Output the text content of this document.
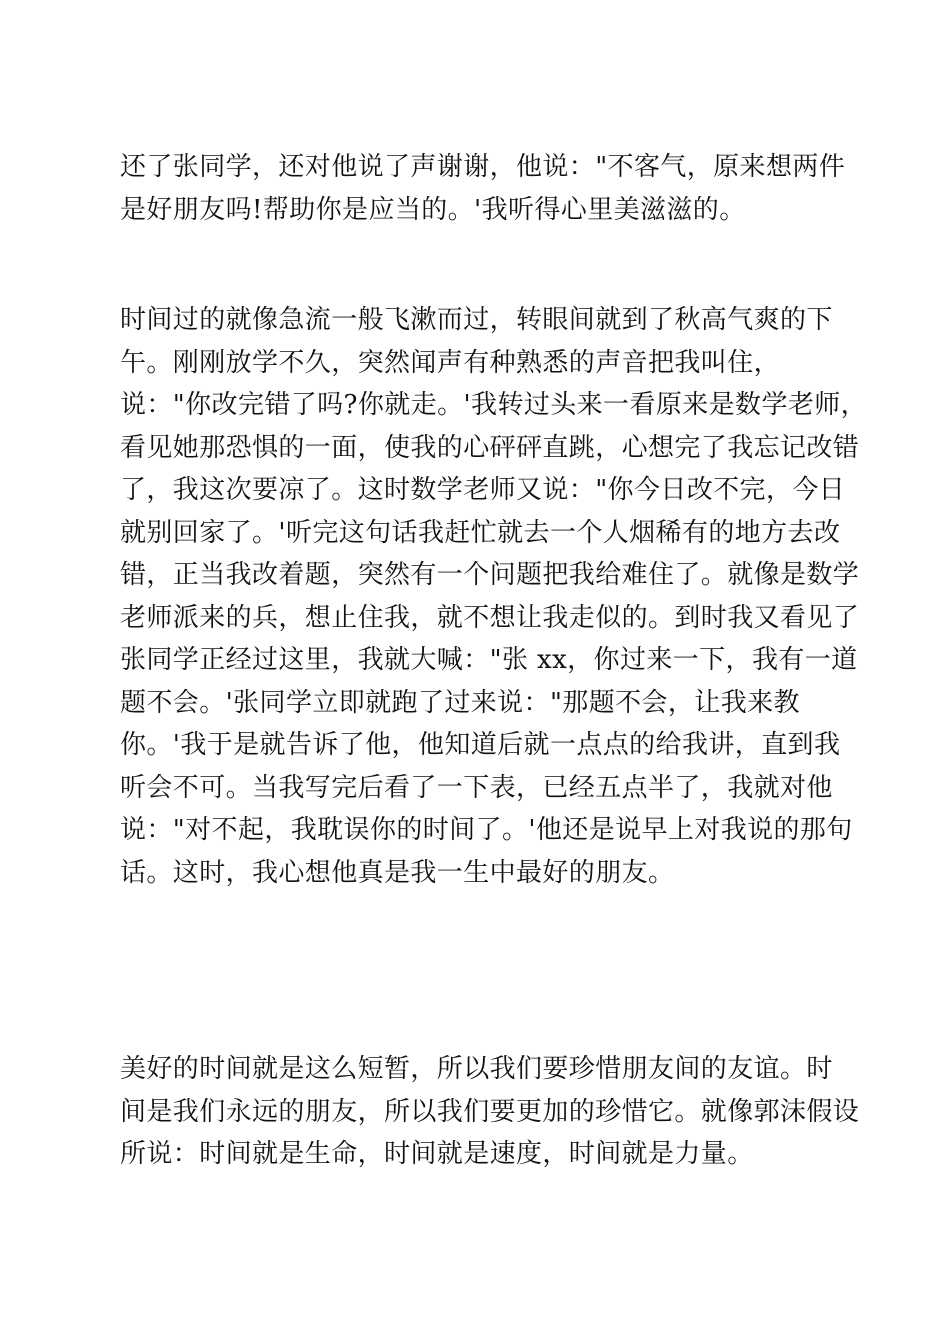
还了张同学，还对他说了声谢谢，他说："不客气，原来想两件
是好朋友吗!帮助你是应当的。'我听得心里美滋滋的。

时间过的就像急流一般飞漱而过，转眼间就到了秋高气爽的下
午。刚刚放学不久，突然闻声有种熟悉的声音把我叫住，
说："你改完错了吗?你就走。'我转过头来一看原来是数学老师，
看见她那恐惧的一面，使我的心砰砰直跳，心想完了我忘记改错
了，我这次要凉了。这时数学老师又说："你今日改不完，今日
就别回家了。'听完这句话我赶忙就去一个人烟稀有的地方去改
错，正当我改着题，突然有一个问题把我给难住了。就像是数学
老师派来的兵，想止住我，就不想让我走似的。到时我又看见了
张同学正经过这里，我就大喊："张 xx，你过来一下，我有一道
题不会。'张同学立即就跑了过来说："那题不会，让我来教
你。'我于是就告诉了他，他知道后就一点点的给我讲，直到我
听会不可。当我写完后看了一下表，已经五点半了，我就对他
说："对不起，我耽误你的时间了。'他还是说早上对我说的那句
话。这时，我心想他真是我一生中最好的朋友。

美好的时间就是这么短暂，所以我们要珍惜朋友间的友谊。时
间是我们永远的朋友，所以我们要更加的珍惜它。就像郭沫假设
所说：时间就是生命，时间就是速度，时间就是力量。
